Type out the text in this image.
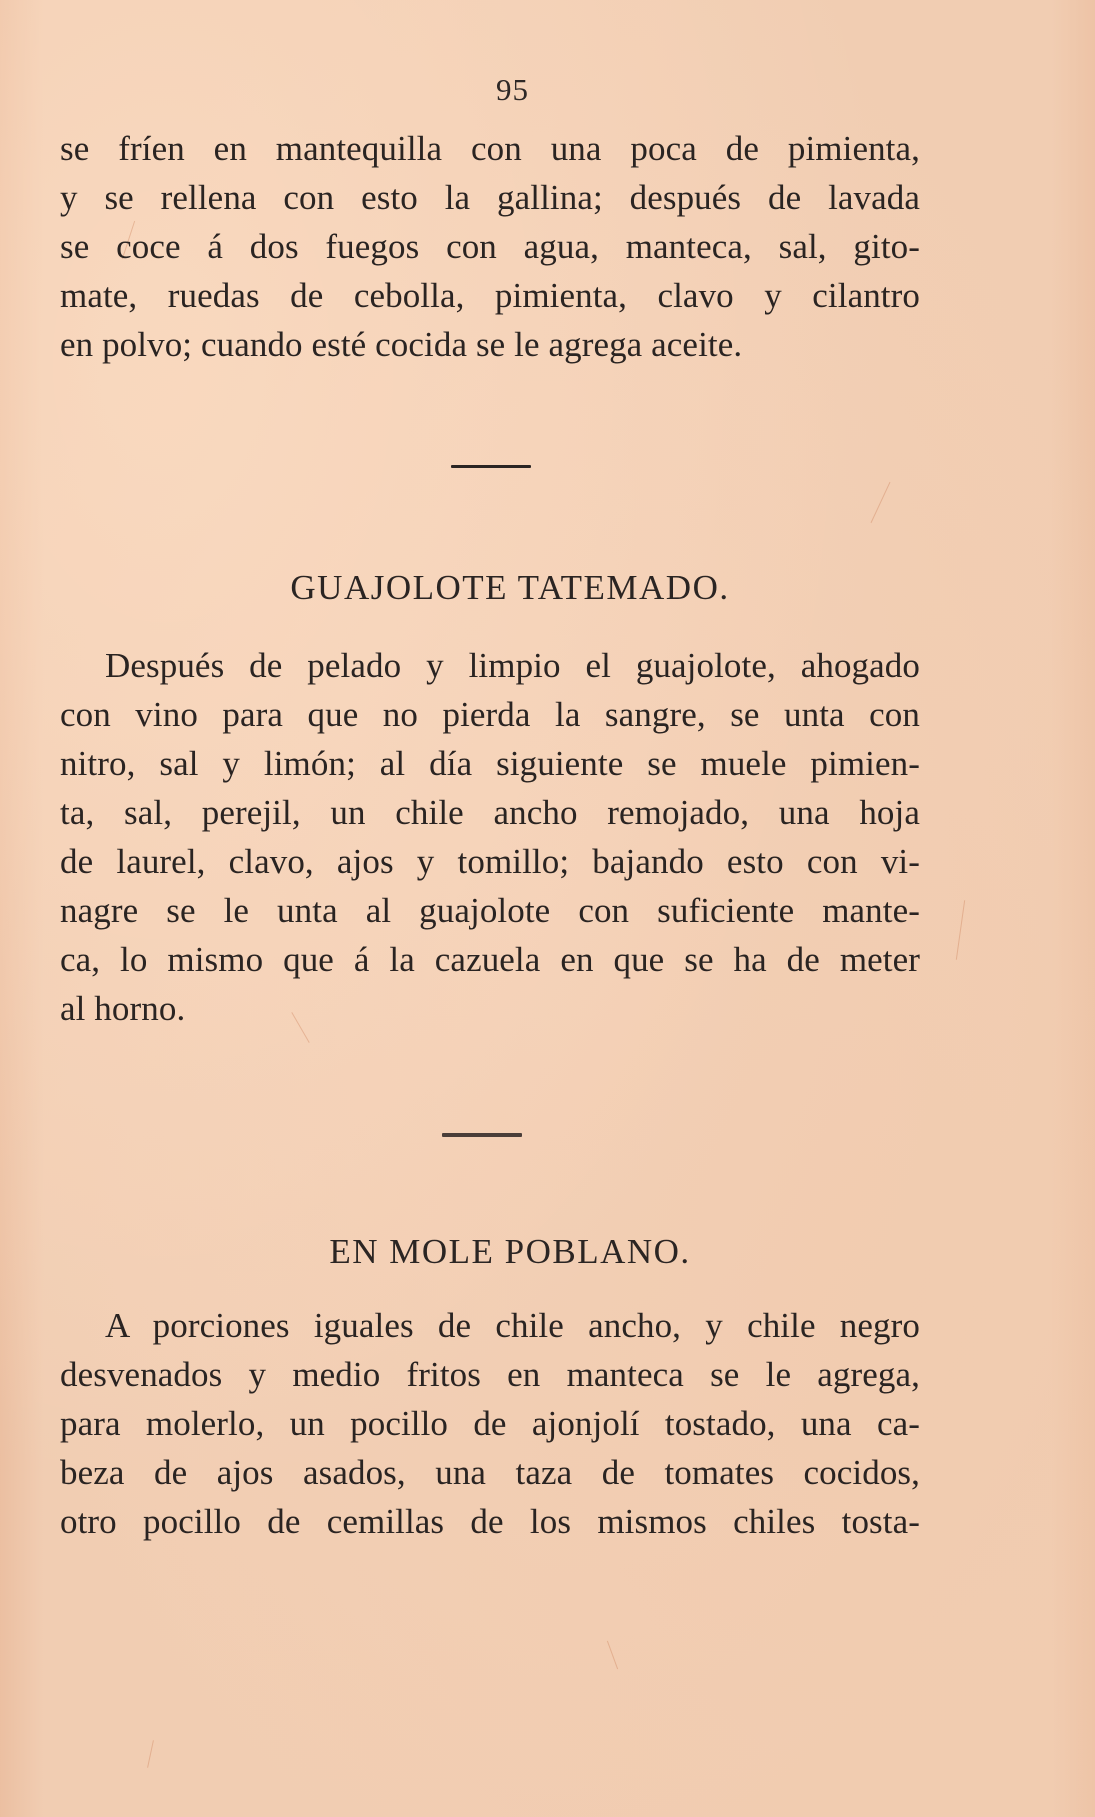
95
se fríen en mantequilla con una poca de pimienta,
y se rellena con esto la gallina; después de lavada
se coce á dos fuegos con agua, manteca, sal, gito-
mate, ruedas de cebolla, pimienta, clavo y cilantro
en polvo; cuando esté cocida se le agrega aceite.
GUAJOLOTE TATEMADO.
Después de pelado y limpio el guajolote, ahogado
con vino para que no pierda la sangre, se unta con
nitro, sal y limón; al día siguiente se muele pimien-
ta, sal, perejil, un chile ancho remojado, una hoja
de laurel, clavo, ajos y tomillo; bajando esto con vi-
nagre se le unta al guajolote con suficiente mante-
ca, lo mismo que á la cazuela en que se ha de meter
al horno.
EN MOLE POBLANO.
A porciones iguales de chile ancho, y chile negro
desvenados y medio fritos en manteca se le agrega,
para molerlo, un pocillo de ajonjolí tostado, una ca-
beza de ajos asados, una taza de tomates cocidos,
otro pocillo de cemillas de los mismos chiles tosta-
